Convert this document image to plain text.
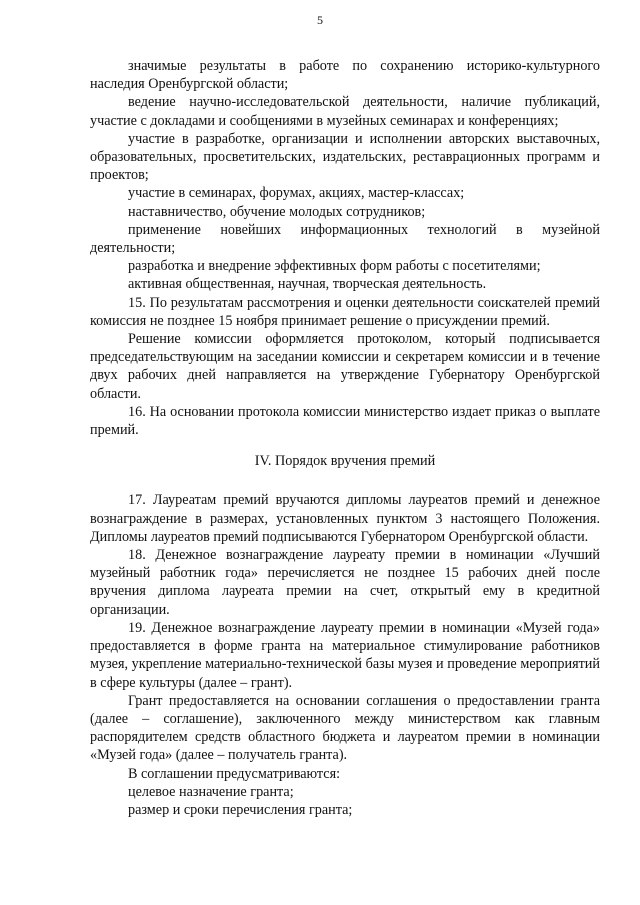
5

значимые результаты в работе по сохранению историко-культурного наследия Оренбургской области;

ведение научно-исследовательской деятельности, наличие публикаций, участие с докладами и сообщениями в музейных семинарах и конференциях;

участие в разработке, организации и исполнении авторских выставочных, образовательных, просветительских, издательских, реставрационных программ и проектов;

участие в семинарах, форумах, акциях, мастер-классах;

наставничество, обучение молодых сотрудников;

применение новейших информационных технологий в музейной деятельности;

разработка и внедрение эффективных форм работы с посетителями;

активная общественная, научная, творческая деятельность.

15. По результатам рассмотрения и оценки деятельности соискателей премий комиссия не позднее 15 ноября принимает решение о присуждении премий.

Решение комиссии оформляется протоколом, который подписывается председательствующим на заседании комиссии и секретарем комиссии и в течение двух рабочих дней направляется на утверждение Губернатору Оренбургской области.

16. На основании протокола комиссии министерство издает приказ о выплате премий.

IV. Порядок вручения премий

17. Лауреатам премий вручаются дипломы лауреатов премий и денежное вознаграждение в размерах, установленных пунктом 3 настоящего Положения. Дипломы лауреатов премий подписываются Губернатором Оренбургской области.

18. Денежное вознаграждение лауреату премии в номинации «Лучший музейный работник года» перечисляется не позднее 15 рабочих дней после вручения диплома лауреата премии на счет, открытый ему в кредитной организации.

19. Денежное вознаграждение лауреату премии в номинации «Музей года» предоставляется в форме гранта на материальное стимулирование работников музея, укрепление материально-технической базы музея и проведение мероприятий в сфере культуры (далее – грант).

Грант предоставляется на основании соглашения о предоставлении гранта (далее – соглашение), заключенного между министерством как главным распорядителем средств областного бюджета и лауреатом премии в номинации «Музей года» (далее – получатель гранта).

В соглашении предусматриваются:

целевое назначение гранта;

размер и сроки перечисления гранта;
